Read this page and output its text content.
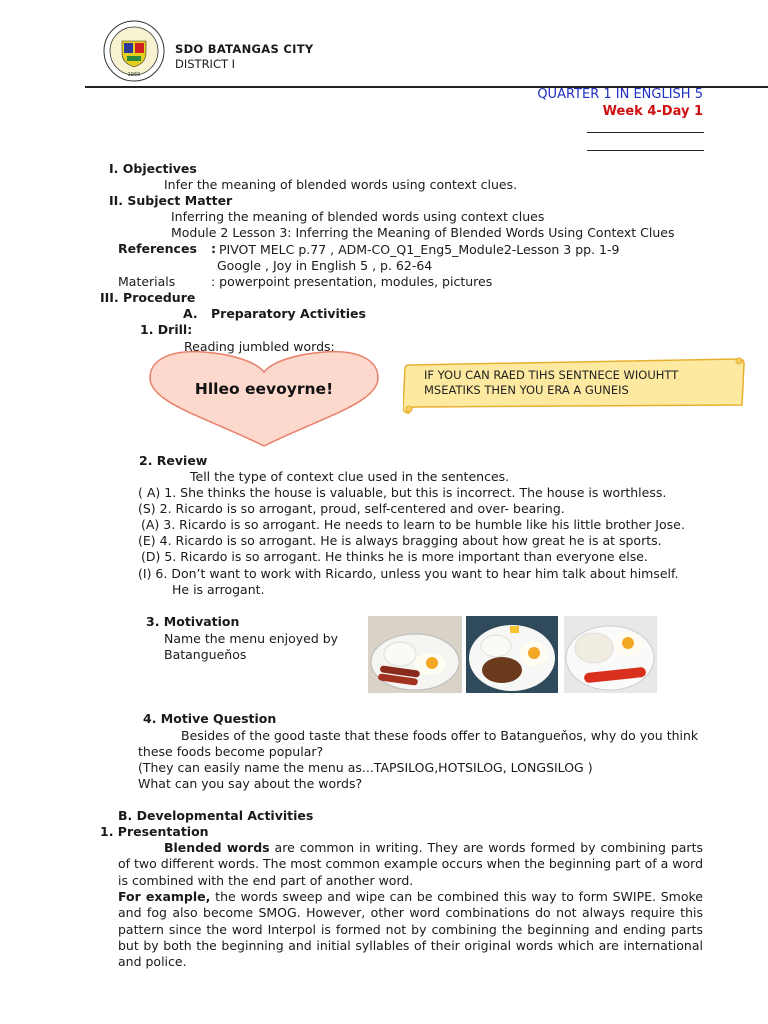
1969
SDO BATANGAS CITY
DISTRICT I
QUARTER 1 IN ENGLISH 5
Week 4-Day 1
I. Objectives
Infer the meaning of blended words using context clues.
II. Subject Matter
Inferring the meaning of blended words using context clues
Module 2 Lesson 3: Inferring the Meaning of Blended Words Using Context Clues
References : PIVOT MELC p.77 , ADM-CO_Q1_Eng5_Module2-Lesson 3 pp. 1-9
Google , Joy in English 5 , p. 62-64
Materials	: powerpoint presentation, modules, pictures
III. Procedure
A. Preparatory Activities
1. Drill:
Reading jumbled words:
Hlleo eevoyrne!
IF YOU CAN RAED TIHS SENTNECE WIOUHTT
MSEATIKS THEN YOU ERA A GUNEIS
2. Review
Tell the type of context clue used in the sentences.
( A) 1. She thinks the house is valuable, but this is incorrect. The house is worthless.
(S) 2. Ricardo is so arrogant, proud, self-centered and over- bearing.
(A) 3. Ricardo is so arrogant. He needs to learn to be humble like his little brother Jose.
(E) 4. Ricardo is so arrogant. He is always bragging about how great he is at sports.
(D) 5. Ricardo is so arrogant. He thinks he is more important than everyone else.
(I) 6. Don’t want to work with Ricardo, unless you want to hear him talk about himself.
He is arrogant.
3. Motivation
Name the menu enjoyed by
Batangueňos
4. Motive Question
Besides of the good taste that these foods offer to Batangueňos, why do you think
these foods become popular?
(They can easily name the menu as...TAPSILOG,HOTSILOG, LONGSILOG )
What can you say about the words?
B. Developmental Activities
1. Presentation
Blended words are common in writing. They are words formed by combining parts of two different words. The most common example occurs when the beginning part of a word is combined with the end part of another word.
For example, the words sweep and wipe can be combined this way to form SWIPE. Smoke and fog also become SMOG. However, other word combinations do not always require this pattern since the word Interpol is formed not by combining the beginning and ending parts but by both the beginning and initial syllables of their original words which are international and police.
